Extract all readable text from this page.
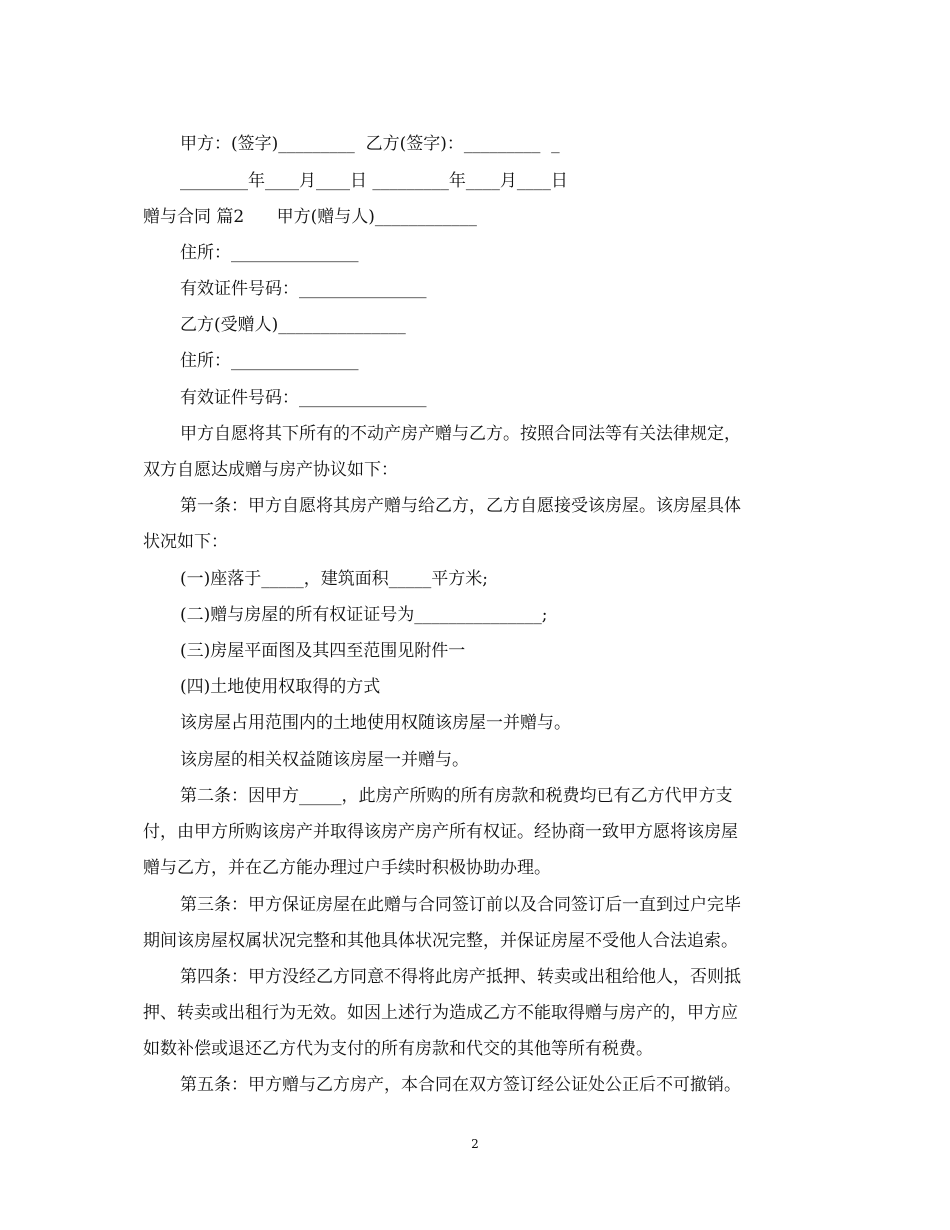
甲方：(签字)_________  乙方(签字)：_________  _
________年____月____日 _________年____月____日
赠与合同 篇2      甲方(赠与人)____________
住所：_______________
有效证件号码：_______________
乙方(受赠人)_______________
住所：_______________
有效证件号码：_______________
甲方自愿将其下所有的不动产房产赠与乙方。按照合同法等有关法律规定，
双方自愿达成赠与房产协议如下：
第一条：甲方自愿将其房产赠与给乙方，乙方自愿接受该房屋。该房屋具体
状况如下：
(一)座落于_____，建筑面积_____平方米;
(二)赠与房屋的所有权证证号为_______________;
(三)房屋平面图及其四至范围见附件一
(四)土地使用权取得的方式
该房屋占用范围内的土地使用权随该房屋一并赠与。
该房屋的相关权益随该房屋一并赠与。
第二条：因甲方_____，此房产所购的所有房款和税费均已有乙方代甲方支
付，由甲方所购该房产并取得该房产房产所有权证。经协商一致甲方愿将该房屋
赠与乙方，并在乙方能办理过户手续时积极协助办理。
第三条：甲方保证房屋在此赠与合同签订前以及合同签订后一直到过户完毕
期间该房屋权属状况完整和其他具体状况完整，并保证房屋不受他人合法追索。
第四条：甲方没经乙方同意不得将此房产抵押、转卖或出租给他人，否则抵
押、转卖或出租行为无效。如因上述行为造成乙方不能取得赠与房产的，甲方应
如数补偿或退还乙方代为支付的所有房款和代交的其他等所有税费。
第五条：甲方赠与乙方房产，本合同在双方签订经公证处公正后不可撤销。
2
